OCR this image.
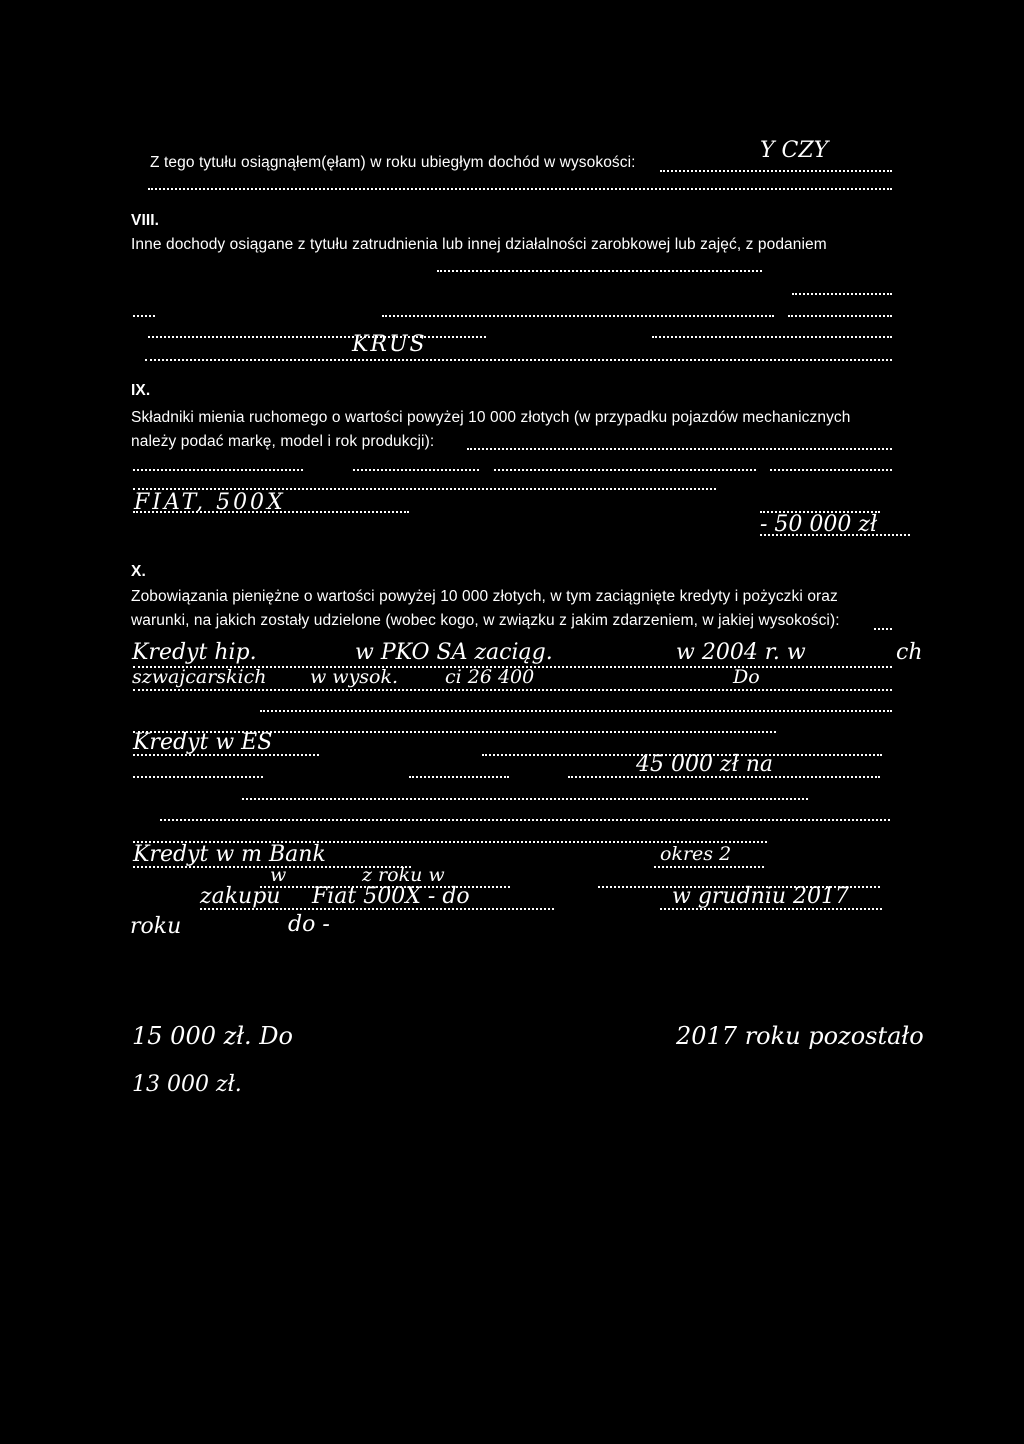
Z tego tytułu osiągnąłem(ęłam) w roku ubiegłym dochód w wysokości:	Y CZY
VIII.
Inne dochody osiągane z tytułu zatrudnienia lub innej działalności zarobkowej lub zajęć, z podaniem
KRUS
IX.
Składniki mienia ruchomego o wartości powyżej 10 000 złotych (w przypadku pojazdów mechanicznych
należy podać markę, model i rok produkcji):
FIAT, 500X
- 50 000 zł
X.
Zobowiązania pieniężne o wartości powyżej 10 000 złotych, w tym zaciągnięte kredyty i pożyczki oraz
warunki, na jakich zostały udzielone (wobec kogo, w związku z jakim zdarzeniem, w jakiej wysokości):
Kredyt hip.	w PKO SA zaciąg.	w 2004 r. w	ch
szwajcarskich w wysok. ci 26 400	Do
Kredyt w ES
45 000 zł na
Kredyt w m Bank	okres 2
w	z roku w
zakupu Fiat 500X - do	w grudniu 2017
roku	do -
15 000 zł. Do	2017 roku pozostało
13 000 zł.
